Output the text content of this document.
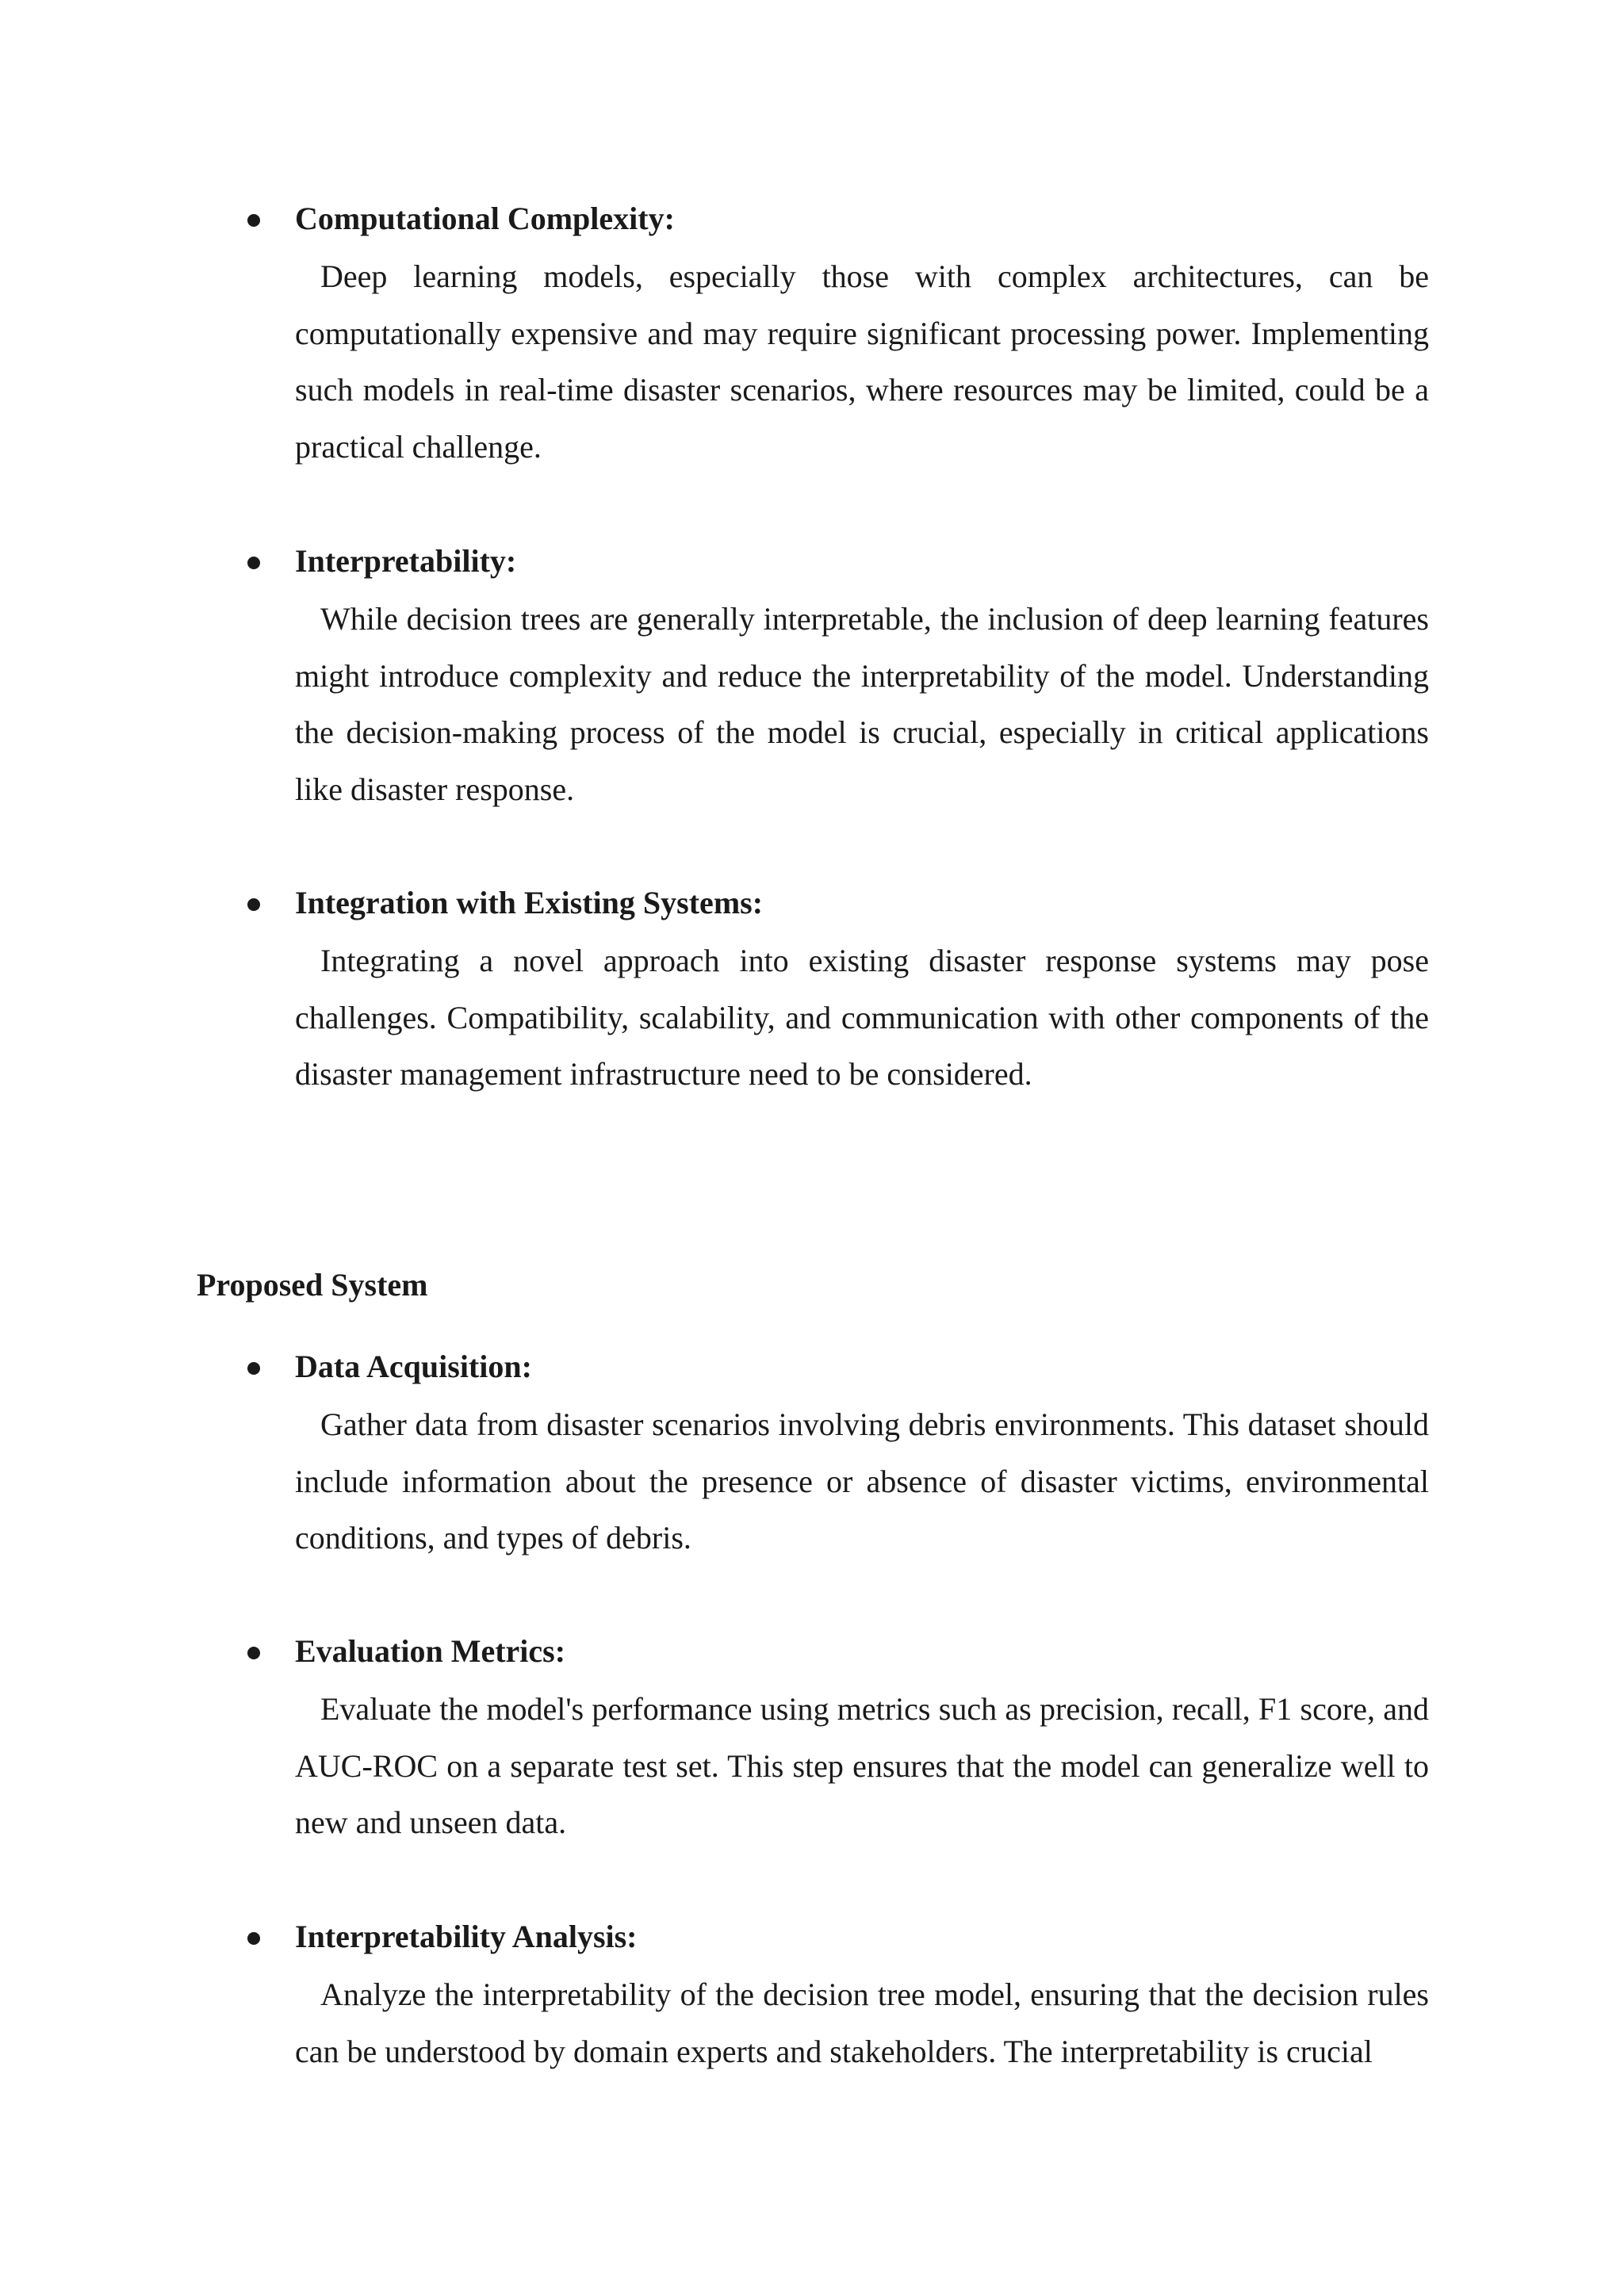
Computational Complexity:

Deep learning models, especially those with complex architectures, can be computationally expensive and may require significant processing power. Implementing such models in real-time disaster scenarios, where resources may be limited, could be a practical challenge.

Interpretability:

While decision trees are generally interpretable, the inclusion of deep learning features might introduce complexity and reduce the interpretability of the model. Understanding the decision-making process of the model is crucial, especially in critical applications like disaster response.

Integration with Existing Systems:

Integrating a novel approach into existing disaster response systems may pose challenges. Compatibility, scalability, and communication with other components of the disaster management infrastructure need to be considered.

Proposed System
Data Acquisition:

Gather data from disaster scenarios involving debris environments. This dataset should include information about the presence or absence of disaster victims, environmental conditions, and types of debris.

Evaluation Metrics:

Evaluate the model's performance using metrics such as precision, recall, F1 score, and AUC-ROC on a separate test set. This step ensures that the model can generalize well to new and unseen data.

Interpretability Analysis:

Analyze the interpretability of the decision tree model, ensuring that the decision rules can be understood by domain experts and stakeholders. The interpretability is crucial
